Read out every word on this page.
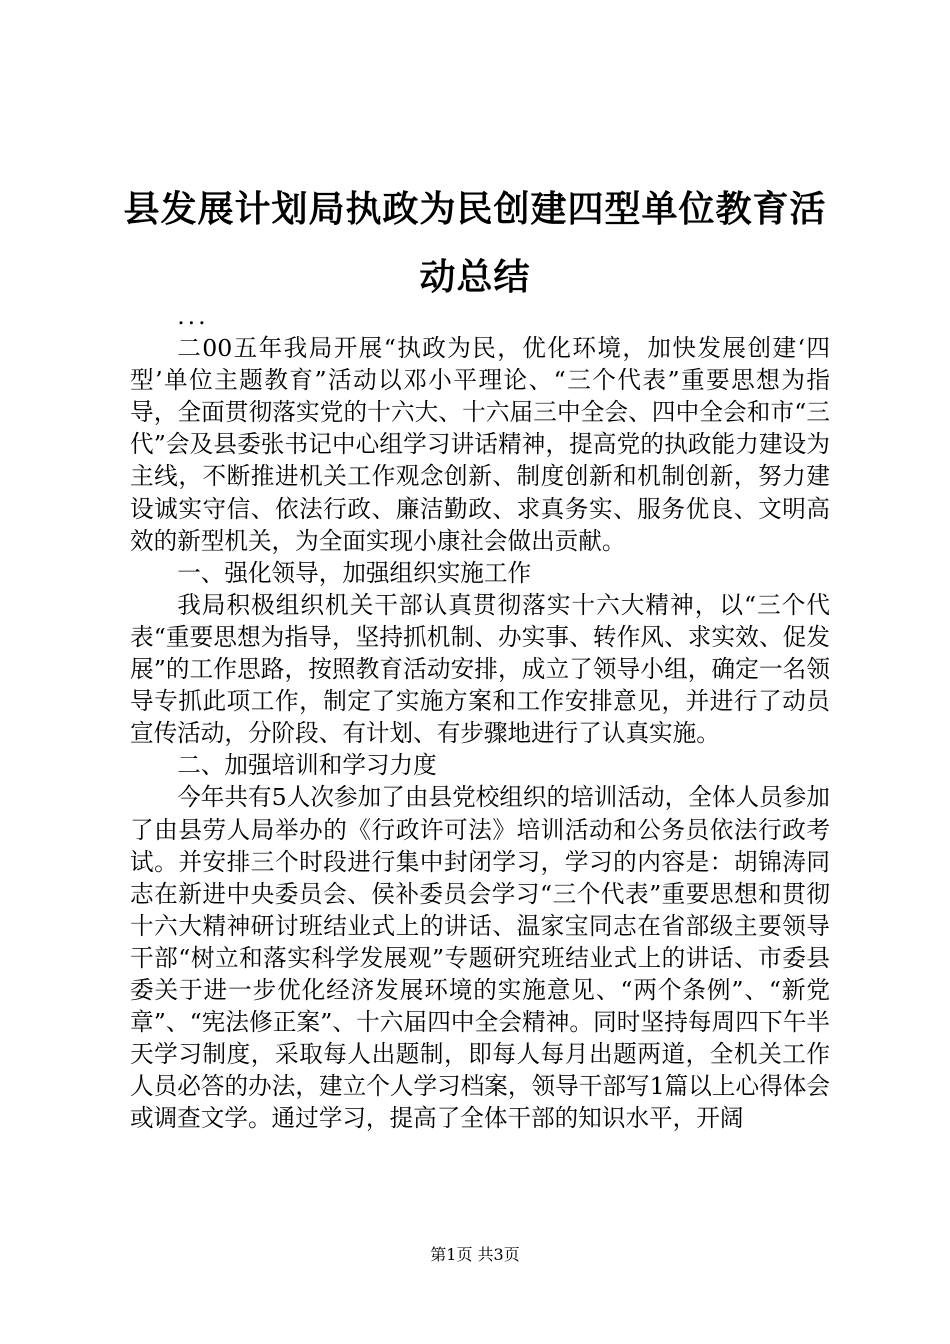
县发展计划局执政为民创建四型单位教育活动总结

...

二00五年我局开展“执政为民，优化环境，加快发展创建‘四型’单位主题教育”活动以邓小平理论、“三个代表”重要思想为指导，全面贯彻落实党的十六大、十六届三中全会、四中全会和市“三代”会及县委张书记中心组学习讲话精神，提高党的执政能力建设为主线，不断推进机关工作观念创新、制度创新和机制创新，努力建设诚实守信、依法行政、廉洁勤政、求真务实、服务优良、文明高效的新型机关，为全面实现小康社会做出贡献。

一、强化领导，加强组织实施工作

我局积极组织机关干部认真贯彻落实十六大精神，以“三个代表“重要思想为指导，坚持抓机制、办实事、转作风、求实效、促发展”的工作思路，按照教育活动安排，成立了领导小组，确定一名领导专抓此项工作，制定了实施方案和工作安排意见，并进行了动员宣传活动，分阶段、有计划、有步骤地进行了认真实施。

二、加强培训和学习力度

今年共有5人次参加了由县党校组织的培训活动，全体人员参加了由县劳人局举办的《行政许可法》培训活动和公务员依法行政考试。并安排三个时段进行集中封闭学习，学习的内容是：胡锦涛同志在新进中央委员会、侯补委员会学习“三个代表”重要思想和贯彻十六大精神研讨班结业式上的讲话、温家宝同志在省部级主要领导干部“树立和落实科学发展观”专题研究班结业式上的讲话、市委县委关于进一步优化经济发展环境的实施意见、“两个条例”、“新党章”、“宪法修正案”、十六届四中全会精神。同时坚持每周四下午半天学习制度，采取每人出题制，即每人每月出题两道，全机关工作人员必答的办法，建立个人学习档案，领导干部写1篇以上心得体会或调查文学。通过学习，提高了全体干部的知识水平，开阔

第1页 共3页
